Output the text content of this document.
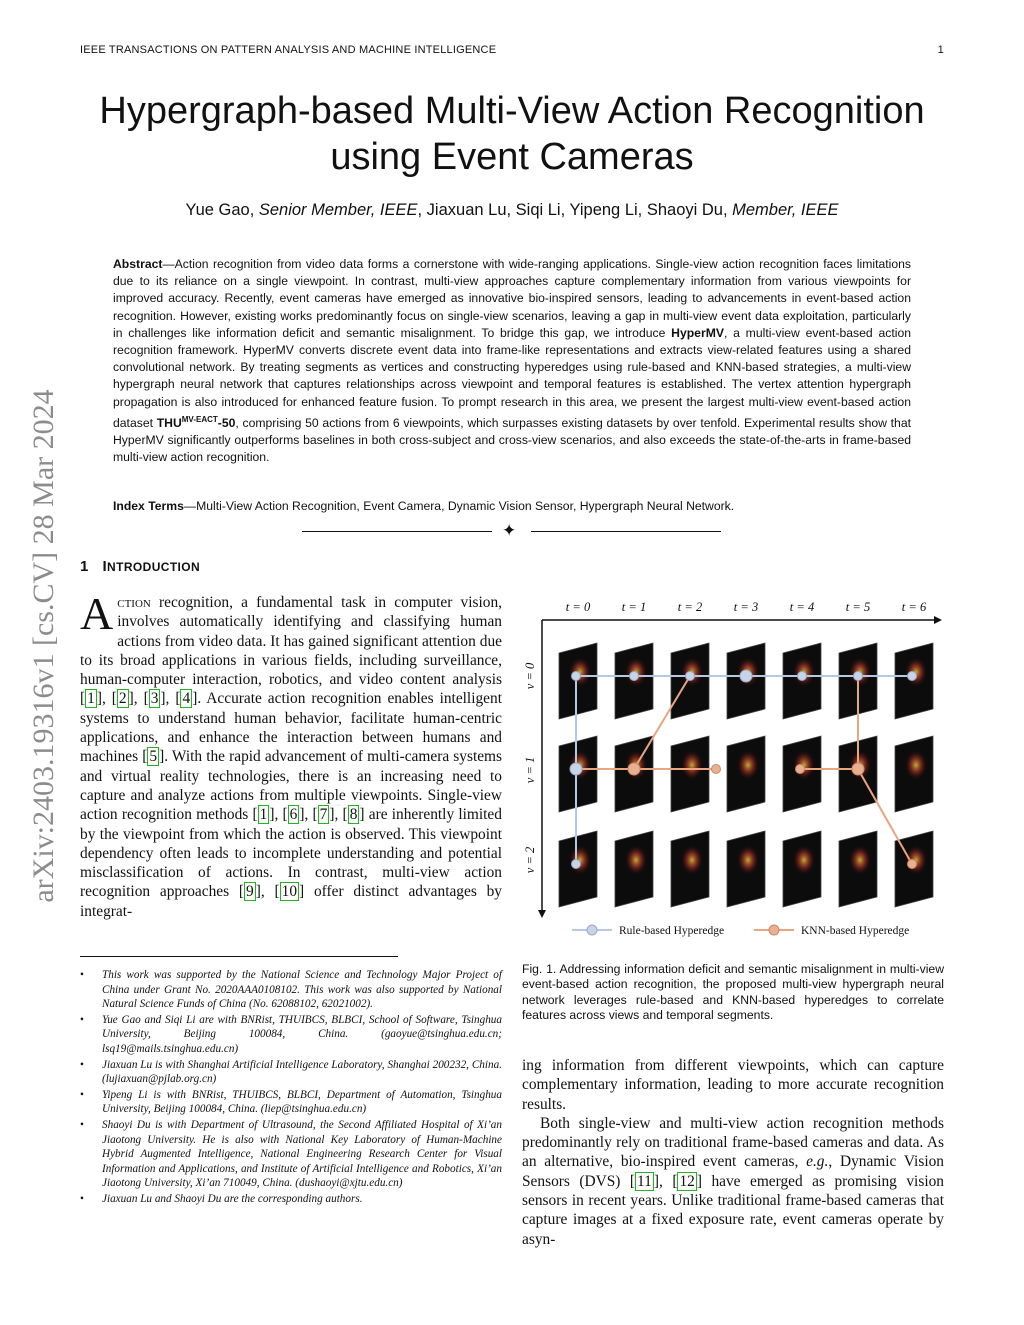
IEEE TRANSACTIONS ON PATTERN ANALYSIS AND MACHINE INTELLIGENCE	1
Hypergraph-based Multi-View Action Recognition using Event Cameras
Yue Gao, Senior Member, IEEE, Jiaxuan Lu, Siqi Li, Yipeng Li, Shaoyi Du, Member, IEEE
Abstract—Action recognition from video data forms a cornerstone with wide-ranging applications. Single-view action recognition faces limitations due to its reliance on a single viewpoint. In contrast, multi-view approaches capture complementary information from various viewpoints for improved accuracy. Recently, event cameras have emerged as innovative bio-inspired sensors, leading to advancements in event-based action recognition. However, existing works predominantly focus on single-view scenarios, leaving a gap in multi-view event data exploitation, particularly in challenges like information deficit and semantic misalignment. To bridge this gap, we introduce HyperMV, a multi-view event-based action recognition framework. HyperMV converts discrete event data into frame-like representations and extracts view-related features using a shared convolutional network. By treating segments as vertices and constructing hyperedges using rule-based and KNN-based strategies, a multi-view hypergraph neural network that captures relationships across viewpoint and temporal features is established. The vertex attention hypergraph propagation is also introduced for enhanced feature fusion. To prompt research in this area, we present the largest multi-view event-based action dataset $THU^{MV-EACT}-50$, comprising 50 actions from 6 viewpoints, which surpasses existing datasets by over tenfold. Experimental results show that HyperMV significantly outperforms baselines in both cross-subject and cross-view scenarios, and also exceeds the state-of-the-arts in frame-based multi-view action recognition.
Index Terms—Multi-View Action Recognition, Event Camera, Dynamic Vision Sensor, Hypergraph Neural Network.
✦
1 INTRODUCTION
Action recognition, a fundamental task in computer vision, involves automatically identifying and classifying human actions from video data. It has gained significant attention due to its broad applications in various fields, including surveillance, human-computer interaction, robotics, and video content analysis [ 1 ], [ 2 ], [ 3 ], [ 4 ]. Accurate action recognition enables intelligent systems to understand human behavior, facilitate human-centric applications, and enhance the interaction between humans and machines [ 5 ]. With the rapid advancement of multi-camera systems and virtual reality technologies, there is an increasing need to capture and analyze actions from multiple viewpoints. Single-view action recognition methods [ 1 ], [ 6 ], [ 7 ], [ 8 ] are inherently limited by the viewpoint from which the action is observed. This viewpoint dependency often leads to incomplete understanding and potential misclassification of actions. In contrast, multi-view action recognition approaches [ 9 ], [ 10 ] offer distinct advantages by integrat-
• This work was supported by the National Science and Technology Major Project of China under Grant No. 2020AAA0108102. This work was also supported by National Natural Science Funds of China (No. 62088102, 62021002).
• Yue Gao and Siqi Li are with BNRist, THUIBCS, BLBCI, School of Software, Tsinghua University, Beijing 100084, China. (gaoyue@tsinghua.edu.cn; lsq19@mails.tsinghua.edu.cn)
• Jiaxuan Lu is with Shanghai Artificial Intelligence Laboratory, Shanghai 200232, China. (lujiaxuan@pjlab.org.cn)
• Yipeng Li is with BNRist, THUIBCS, BLBCI, Department of Automation, Tsinghua University, Beijing 100084, China. (liep@tsinghua.edu.cn)
• Shaoyi Du is with Department of Ultrasound, the Second Affiliated Hospital of Xi’an Jiaotong University. He is also with National Key Laboratory of Human-Machine Hybrid Augmented Intelligence, National Engineering Research Center for Visual Information and Applications, and Institute of Artificial Intelligence and Robotics, Xi’an Jiaotong University, Xi’an 710049, China. (dushaoyi@xjtu.edu.cn)
• Jiaxuan Lu and Shaoyi Du are the corresponding authors.
t = 0	t = 1	t = 2	t = 3	t = 4	t = 5	t = 6
v = 0
v = 1
v = 2
Rule-based Hyperedge	KNN-based Hyperedge
Fig. 1. Addressing information deficit and semantic misalignment in multi-view event-based action recognition, the proposed multi-view hypergraph neural network leverages rule-based and KNN-based hyperedges to correlate features across views and temporal segments.

ing information from different viewpoints, which can capture complementary information, leading to more accurate recognition results.

Both single-view and multi-view action recognition methods predominantly rely on traditional frame-based cameras and data. As an alternative, bio-inspired event cameras, e.g., Dynamic Vision Sensors (DVS) [ 11 ], [ 12 ] have emerged as promising vision sensors in recent years. Unlike traditional frame-based cameras that capture images at a fixed exposure rate, event cameras operate by asyn-

arXiv:2403.19316v1 [cs.CV] 28 Mar 2024
